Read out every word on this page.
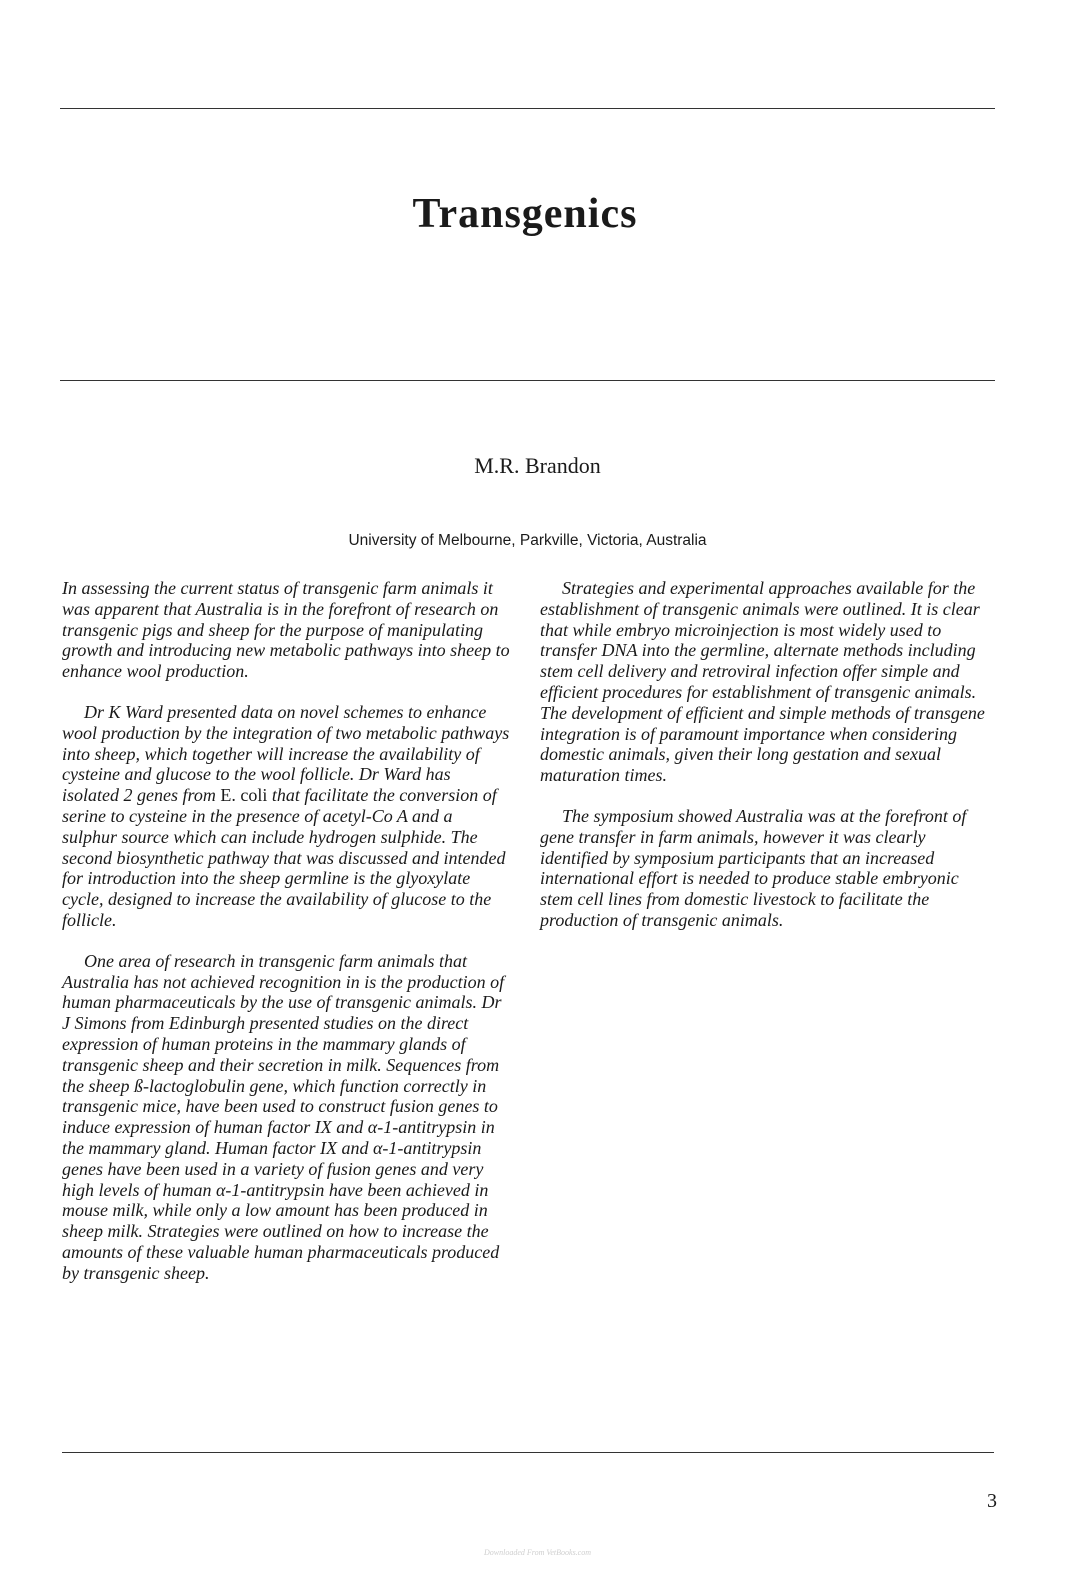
Transgenics
M.R. Brandon
University of Melbourne, Parkville, Victoria, Australia

In assessing the current status of transgenic farm animals it was apparent that Australia is in the forefront of research on transgenic pigs and sheep for the purpose of manipulating growth and introducing new metabolic pathways into sheep to enhance wool production.

Dr K Ward presented data on novel schemes to enhance wool production by the integration of two metabolic pathways into sheep, which together will increase the availability of cysteine and glucose to the wool follicle. Dr Ward has isolated 2 genes from E. coli that facilitate the conversion of serine to cysteine in the presence of acetyl-Co A and a sulphur source which can include hydrogen sulphide. The second biosynthetic pathway that was discussed and intended for introduction into the sheep germline is the glyoxylate cycle, designed to increase the availability of glucose to the follicle.

One area of research in transgenic farm animals that Australia has not achieved recognition in is the production of human pharmaceuticals by the use of transgenic animals. Dr J Simons from Edinburgh presented studies on the direct expression of human proteins in the mammary glands of transgenic sheep and their secretion in milk. Sequences from the sheep ß-lactoglobulin gene, which function correctly in transgenic mice, have been used to construct fusion genes to induce expression of human factor IX and α-1-antitrypsin in the mammary gland. Human factor IX and α-1-antitrypsin genes have been used in a variety of fusion genes and very high levels of human α-1-antitrypsin have been achieved in mouse milk, while only a low amount has been produced in sheep milk. Strategies were outlined on how to increase the amounts of these valuable human pharmaceuticals produced by transgenic sheep.

Strategies and experimental approaches available for the establishment of transgenic animals were outlined. It is clear that while embryo microinjection is most widely used to transfer DNA into the germline, alternate methods including stem cell delivery and retroviral infection offer simple and efficient procedures for establishment of transgenic animals. The development of efficient and simple methods of transgene integration is of paramount importance when considering domestic animals, given their long gestation and sexual maturation times.

The symposium showed Australia was at the forefront of gene transfer in farm animals, however it was clearly identified by symposium participants that an increased international effort is needed to produce stable embryonic stem cell lines from domestic livestock to facilitate the production of transgenic animals.

3
Downloaded From VetBooks.com
